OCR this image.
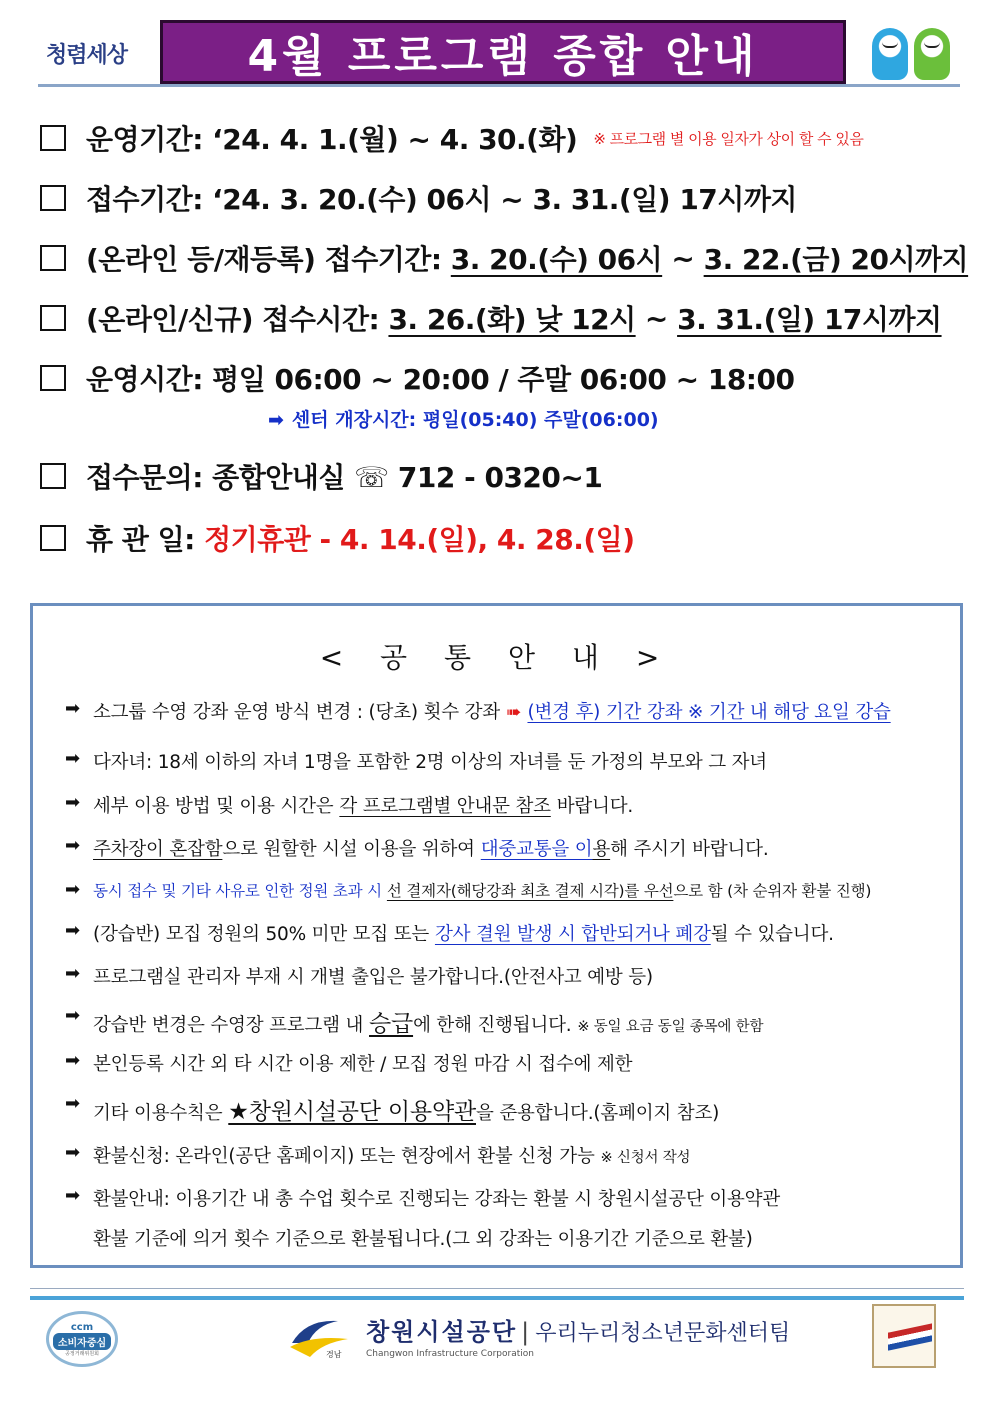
청렴세상	4월 프로그램 종합 안내
운영기간:
‘24. 4. 1.(월) ~ 4. 30.(화) ※ 프로그램 별 이용 일자가 상이 할 수 있음
접수기간:
‘24. 3. 20.(수) 06시 ~ 3. 31.(일) 17시까지
(온라인 등/재등록) 접수기간:
3. 20.(수) 06시
~
3. 22.(금) 20시까지
(온라인/신규) 접수시간:
3. 26.(화) 낮 12시
~
3. 31.(일) 17시까지
운영시간:
평일 06:00 ~ 20:00 / 주말 06:00 ~ 18:00
➡ 센터 개장시간: 평일(05:40) 주말(06:00)
접수문의:
종합안내실 ☏ 712 - 0320~1
휴 관 일:
정기휴관 - 4. 14.(일), 4. 28.(일)
< 공 통 안 내 >
➡ 소그룹 수영 강좌 운영 방식 변경 : (당초) 횟수 강좌 ➠ (변경 후) 기간 강좌 ※ 기간 내 해당 요일 강습
➡ 다자녀: 18세 이하의 자녀 1명을 포함한 2명 이상의 자녀를 둔 가정의 부모와 그 자녀
➡ 세부 이용 방법 및 이용 시간은
각 프로그램별 안내문 참조
바랍니다.
➡ 주차장이 혼잡함 으로 원할한 시설 이용을 위하여
대중교통을 이 용 해 주시기 바랍니다.
➡ 동시 접수 및 기타 사유로 인한 정원 초과 시
선 결제자(해당강좌 최초 결제 시각)를 우선 으로 함 (차 순위자 환불 진행)
➡ (강습반) 모집 정원의 50% 미만 모집 또는
강사 결원 발생 시 합반되거나 폐강 될 수 있습니다.
➡ 프로그램실 관리자 부재 시 개별 출입은 불가합니다.(안전사고 예방 등)
➡ 강습반 변경은 수영장 프로그램 내
승급 에 한해 진행됩니다.
※ 동일 요금 동일 종목에 한함
➡ 본인등록 시간 외 타 시간 이용 제한 / 모집 정원 마감 시 접수에 제한
➡ 기타 이용수칙은
★창원시설공단 이용약관 을 준용합니다.(홈페이지 참조)
➡ 환불신청: 온라인(공단 홈페이지) 또는 현장에서 환불 신청 가능
※ 신청서 작성
➡ 환불안내: 이용기간 내 총 수업 횟수로 진행되는 강좌는 환불 시 창원시설공단 이용약관
환불 기준에 의거 횟수 기준으로 환불됩니다.(그 외 강좌는 이용기간 기준으로 환불)
ccm
소비자중심
공정거래위원회	경남
창원시설공단 | 우리누리청소년문화센터팀
Changwon Infrastructure Corporation
